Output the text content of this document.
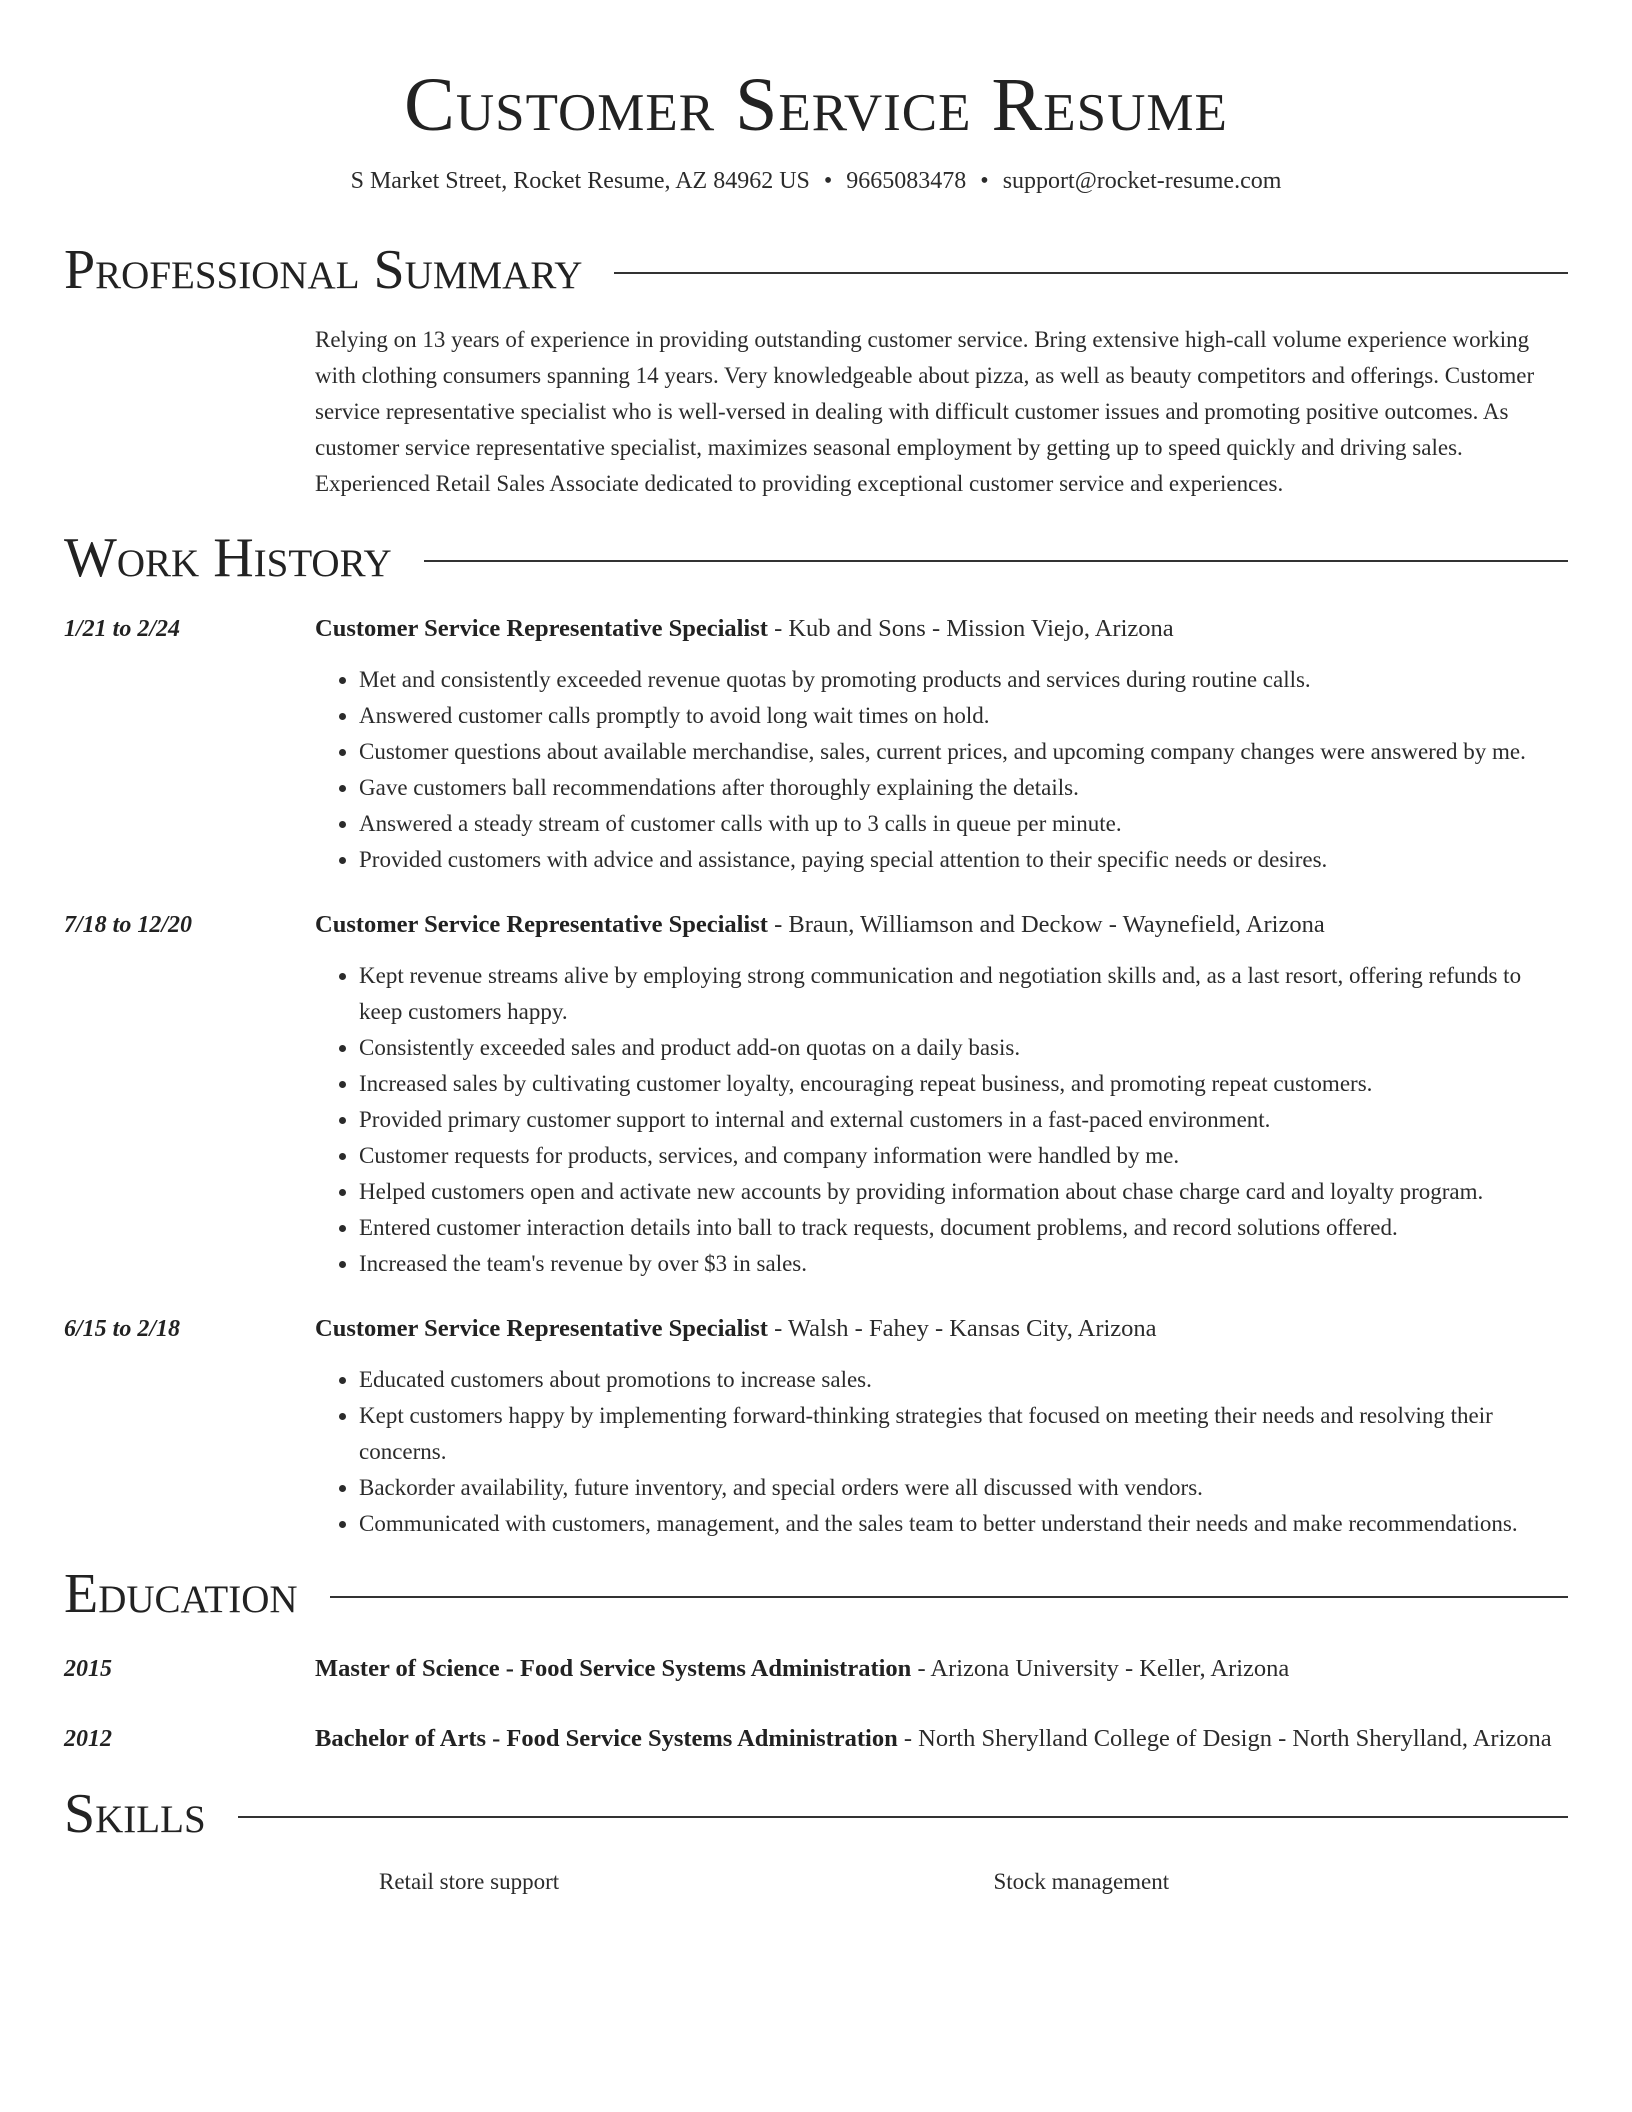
Customer Service Resume
S Market Street, Rocket Resume, AZ 84962 US • 9665083478 • support@rocket-resume.com
Professional Summary
Relying on 13 years of experience in providing outstanding customer service. Bring extensive high-call volume experience working with clothing consumers spanning 14 years. Very knowledgeable about pizza, as well as beauty competitors and offerings. Customer service representative specialist who is well-versed in dealing with difficult customer issues and promoting positive outcomes. As customer service representative specialist, maximizes seasonal employment by getting up to speed quickly and driving sales. Experienced Retail Sales Associate dedicated to providing exceptional customer service and experiences.
Work History
1/21 to 2/24	Customer Service Representative Specialist - Kub and Sons - Mission Viejo, Arizona
• Met and consistently exceeded revenue quotas by promoting products and services during routine calls.
• Answered customer calls promptly to avoid long wait times on hold.
• Customer questions about available merchandise, sales, current prices, and upcoming company changes were answered by me.
• Gave customers ball recommendations after thoroughly explaining the details.
• Answered a steady stream of customer calls with up to 3 calls in queue per minute.
• Provided customers with advice and assistance, paying special attention to their specific needs or desires.
7/18 to 12/20	Customer Service Representative Specialist - Braun, Williamson and Deckow - Waynefield, Arizona
• Kept revenue streams alive by employing strong communication and negotiation skills and, as a last resort, offering refunds to keep customers happy.
• Consistently exceeded sales and product add-on quotas on a daily basis.
• Increased sales by cultivating customer loyalty, encouraging repeat business, and promoting repeat customers.
• Provided primary customer support to internal and external customers in a fast-paced environment.
• Customer requests for products, services, and company information were handled by me.
• Helped customers open and activate new accounts by providing information about chase charge card and loyalty program.
• Entered customer interaction details into ball to track requests, document problems, and record solutions offered.
• Increased the team's revenue by over $3 in sales.
6/15 to 2/18	Customer Service Representative Specialist - Walsh - Fahey - Kansas City, Arizona
• Educated customers about promotions to increase sales.
• Kept customers happy by implementing forward-thinking strategies that focused on meeting their needs and resolving their concerns.
• Backorder availability, future inventory, and special orders were all discussed with vendors.
• Communicated with customers, management, and the sales team to better understand their needs and make recommendations.
Education
2015	Master of Science - Food Service Systems Administration - Arizona University - Keller, Arizona
2012	Bachelor of Arts - Food Service Systems Administration - North Sherylland College of Design - North Sherylland, Arizona
Skills
Retail store support	Stock management
